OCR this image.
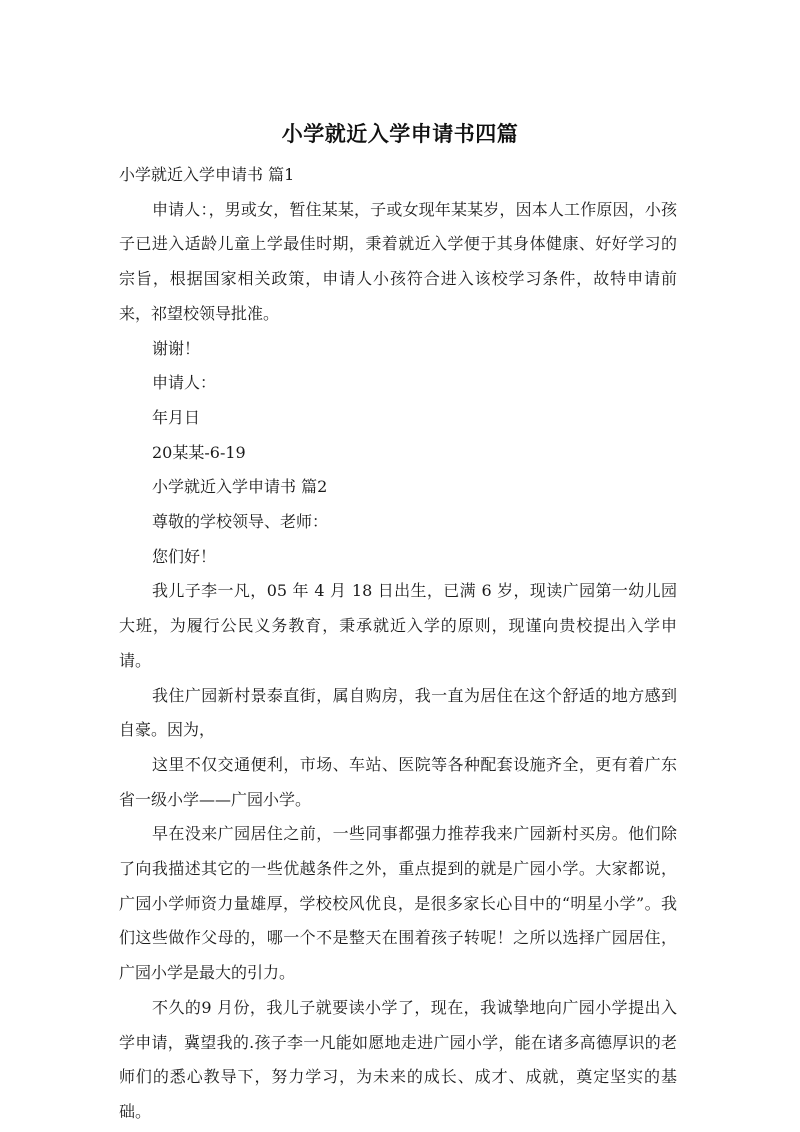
小学就近入学申请书四篇

小学就近入学申请书 篇1

申请人：，男或女，暂住某某，子或女现年某某岁，因本人工作原因，小孩子已进入适龄儿童上学最佳时期，秉着就近入学便于其身体健康、好好学习的宗旨，根据国家相关政策，申请人小孩符合进入该校学习条件，故特申请前来，祁望校领导批准。

谢谢！

申请人：

年月日

20某某-6-19

小学就近入学申请书 篇2

尊敬的学校领导、老师：

您们好！

我儿子李一凡，05 年 4 月 18 日出生，已满 6 岁，现读广园第一幼儿园大班，为履行公民义务教育，秉承就近入学的原则，现谨向贵校提出入学申请。

我住广园新村景泰直街，属自购房，我一直为居住在这个舒适的地方感到自豪。因为，

这里不仅交通便利，市场、车站、医院等各种配套设施齐全，更有着广东省一级小学——广园小学。

早在没来广园居住之前，一些同事都强力推荐我来广园新村买房。他们除了向我描述其它的一些优越条件之外，重点提到的就是广园小学。大家都说，广园小学师资力量雄厚，学校校风优良，是很多家长心目中的“明星小学”。我们这些做作父母的，哪一个不是整天在围着孩子转呢！之所以选择广园居住，广园小学是最大的引力。

不久的9 月份，我儿子就要读小学了，现在，我诚挚地向广园小学提出入学申请，冀望我的.孩子李一凡能如愿地走进广园小学，能在诸多高德厚识的老师们的悉心教导下，努力学习，为未来的成长、成才、成就，奠定坚实的基础。
